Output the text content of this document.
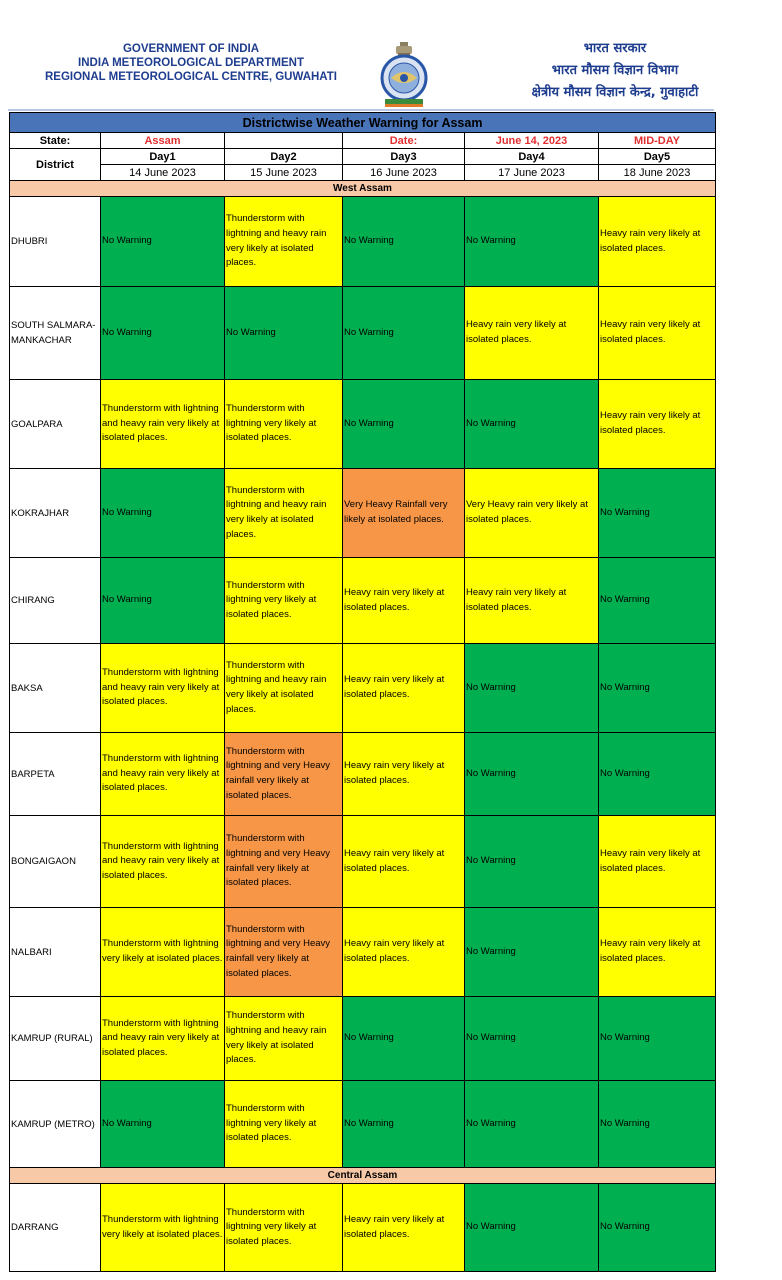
GOVERNMENT OF INDIA
INDIA METEOROLOGICAL DEPARTMENT
REGIONAL METEOROLOGICAL CENTRE, GUWAHATI
भारत सरकार
भारत मौसम विज्ञान विभाग
क्षेत्रीय मौसम विज्ञान केन्द्र, गुवाहाटी
Districtwise Weather Warning for Assam					
State:	Assam		Date:	June 14, 2023	MID-DAY
District	Day1	Day2	Day3	Day4	Day5
	14 June 2023	15 June 2023	16 June 2023	17 June 2023	18 June 2023
West Assam					
DHUBRI	No Warning	Thunderstorm with lightning and heavy rain very likely at isolated places.	No Warning	No Warning	Heavy rain very likely at isolated places.
SOUTH SALMARA-MANKACHAR	No Warning	No Warning	No Warning	Heavy rain very likely at isolated places.	Heavy rain very likely at isolated places.
GOALPARA	Thunderstorm with lightning and heavy rain very likely at isolated places.	Thunderstorm with lightning very likely at isolated places.	No Warning	No Warning	Heavy rain very likely at isolated places.
KOKRAJHAR	No Warning	Thunderstorm with lightning and heavy rain very likely at isolated places.	Very Heavy Rainfall very likely at isolated places.	Very Heavy rain very likely at isolated places.	No Warning
CHIRANG	No Warning	Thunderstorm with lightning very likely at isolated places.	Heavy rain very likely at isolated places.	Heavy rain very likely at isolated places.	No Warning
BAKSA	Thunderstorm with lightning and heavy rain very likely at isolated places.	Thunderstorm with lightning and heavy rain very likely at isolated places.	Heavy rain very likely at isolated places.	No Warning	No Warning
BARPETA	Thunderstorm with lightning and heavy rain very likely at isolated places.	Thunderstorm with lightning and very Heavy rainfall very likely at isolated places.	Heavy rain very likely at isolated places.	No Warning	No Warning
BONGAIGAON	Thunderstorm with lightning and heavy rain very likely at isolated places.	Thunderstorm with lightning and very Heavy rainfall very likely at isolated places.	Heavy rain very likely at isolated places.	No Warning	Heavy rain very likely at isolated places.
NALBARI	Thunderstorm with lightning very likely at isolated places.	Thunderstorm with lightning and very Heavy rainfall very likely at isolated places.	Heavy rain very likely at isolated places.	No Warning	Heavy rain very likely at isolated places.
KAMRUP (RURAL)	Thunderstorm with lightning and heavy rain very likely at isolated places.	Thunderstorm with lightning and heavy rain very likely at isolated places.	No Warning	No Warning	No Warning
KAMRUP (METRO)	No Warning	Thunderstorm with lightning very likely at isolated places.	No Warning	No Warning	No Warning
Central Assam					
DARRANG	Thunderstorm with lightning very likely at isolated places.	Thunderstorm with lightning very likely at isolated places.	Heavy rain very likely at isolated places.	No Warning	No Warning
